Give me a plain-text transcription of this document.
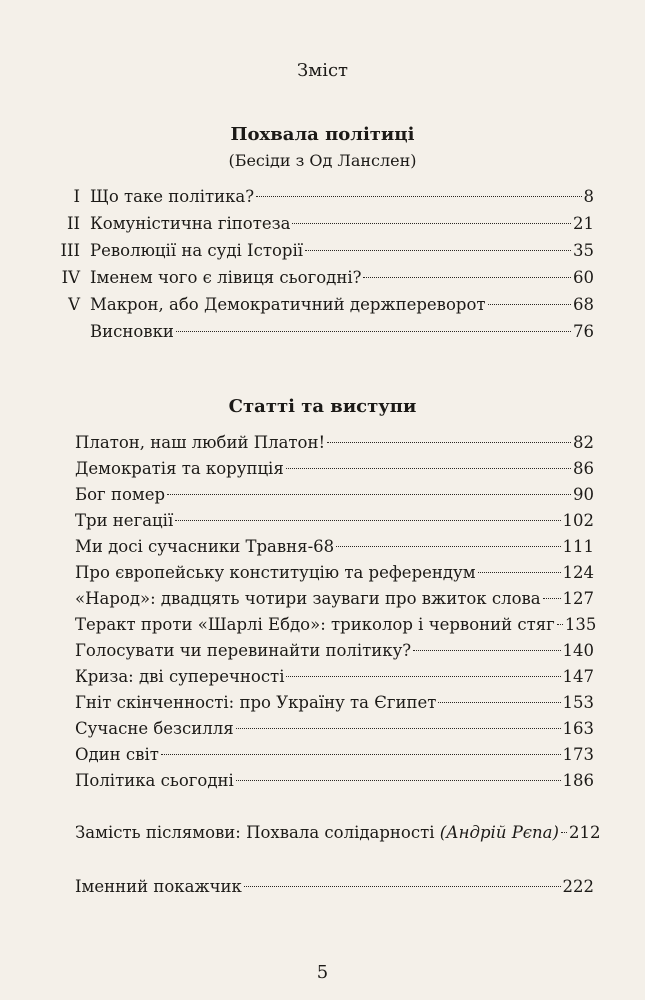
Зміст
Похвала політиці
(Бесіди з Од Ланслен)
I Що таке політика?	8
II Комуністична гіпотеза	21
III Революції на суді Історії	35
IV Іменем чого є лівиця сьогодні?	60
V Макрон, або Демократичний держпереворот	68
Висновки	76
Статті та виступи
Платон, наш любий Платон!	82
Демократія та корупція	86
Бог помер	90
Три негації	102
Ми досі сучасники Травня-68	111
Про європейську конституцію та референдум	124
«Народ»: двадцять чотири зауваги про вжиток слова 127
Теракт проти «Шарлі Ебдо»: триколор і червоний стяг 135
Голосувати чи перевинайти політику?	140
Криза: дві суперечності	147
Гніт скінченності: про Україну та Єгипет	153
Сучасне безсилля	163
Один світ	173
Політика сьогодні	186
Замість післямови: Похвала солідарності (Андрій Рєпа) 212
Іменний покажчик	222
5
